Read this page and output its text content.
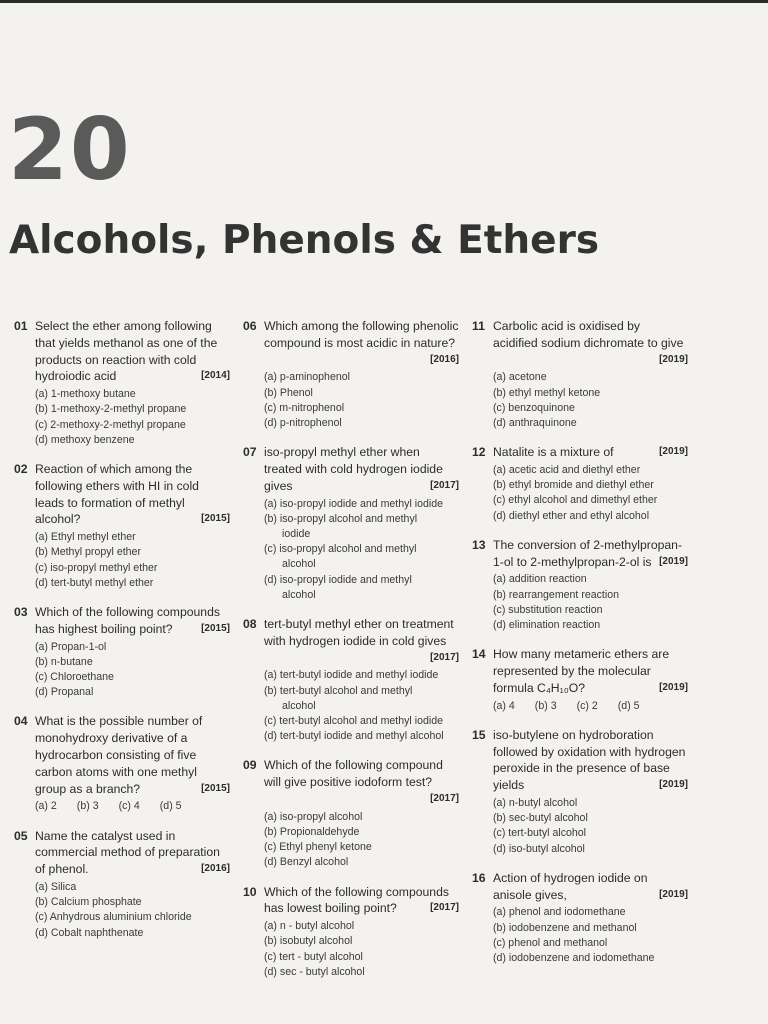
20
Alcohols, Phenols & Ethers
01 Select the ether among following that yields methanol as one of the products on reaction with cold hydroiodic acid	[2014]
(a) 1-methoxy butane
(b) 1-methoxy-2-methyl propane
(c) 2-methoxy-2-methyl propane
(d) methoxy benzene
02 Reaction of which among the following ethers with HI in cold leads to formation of methyl alcohol?	[2015]
(a) Ethyl methyl ether
(b) Methyl propyl ether
(c) iso-propyl methyl ether
(d) tert-butyl methyl ether
03 Which of the following compounds has highest boiling point?	[2015]
(a) Propan-1-ol
(b) n-butane
(c) Chloroethane
(d) Propanal
04 What is the possible number of monohydroxy derivative of a hydrocarbon consisting of five carbon atoms with one methyl group as a branch?	[2015]
(a) 2 (b) 3 (c) 4 (d) 5
05 Name the catalyst used in commercial method of preparation of phenol.	[2016]
(a) Silica
(b) Calcium phosphate
(c) Anhydrous aluminium chloride
(d) Cobalt naphthenate
06 Which among the following phenolic compound is most acidic in nature?
[2016]
(a) p-aminophenol
(b) Phenol
(c) m-nitrophenol
(d) p-nitrophenol
07 iso-propyl methyl ether when treated with cold hydrogen iodide gives	[2017]
(a) iso-propyl iodide and methyl iodide
(b) iso-propyl alcohol and methyl
iodide
(c) iso-propyl alcohol and methyl
alcohol
(d) iso-propyl iodide and methyl
alcohol
08 tert-butyl methyl ether on treatment with hydrogen iodide in cold gives
[2017]
(a) tert-butyl iodide and methyl iodide
(b) tert-butyl alcohol and methyl
alcohol
(c) tert-butyl alcohol and methyl iodide
(d) tert-butyl iodide and methyl alcohol
09 Which of the following compound will give positive iodoform test?
[2017]
(a) iso-propyl alcohol
(b) Propionaldehyde
(c) Ethyl phenyl ketone
(d) Benzyl alcohol
10 Which of the following compounds has lowest boiling point?	[2017]
(a) n - butyl alcohol
(b) isobutyl alcohol
(c) tert - butyl alcohol
(d) sec - butyl alcohol
11 Carbolic acid is oxidised by acidified sodium dichromate to give
[2019]
(a) acetone
(b) ethyl methyl ketone
(c) benzoquinone
(d) anthraquinone
12 Natalite is a mixture of	[2019]
(a) acetic acid and diethyl ether
(b) ethyl bromide and diethyl ether
(c) ethyl alcohol and dimethyl ether
(d) diethyl ether and ethyl alcohol
13 The conversion of 2-methylpropan-1-ol to 2-methylpropan-2-ol is [2019]
(a) addition reaction
(b) rearrangement reaction
(c) substitution reaction
(d) elimination reaction
14 How many metameric ethers are represented by the molecular formula C₄H₁₀O?	[2019]
(a) 4 (b) 3 (c) 2 (d) 5
15 iso-butylene on hydroboration followed by oxidation with hydrogen peroxide in the presence of base yields	[2019]
(a) n-butyl alcohol
(b) sec-butyl alcohol
(c) tert-butyl alcohol
(d) iso-butyl alcohol
16 Action of hydrogen iodide on anisole gives,	[2019]
(a) phenol and iodomethane
(b) iodobenzene and methanol
(c) phenol and methanol
(d) iodobenzene and iodomethane
